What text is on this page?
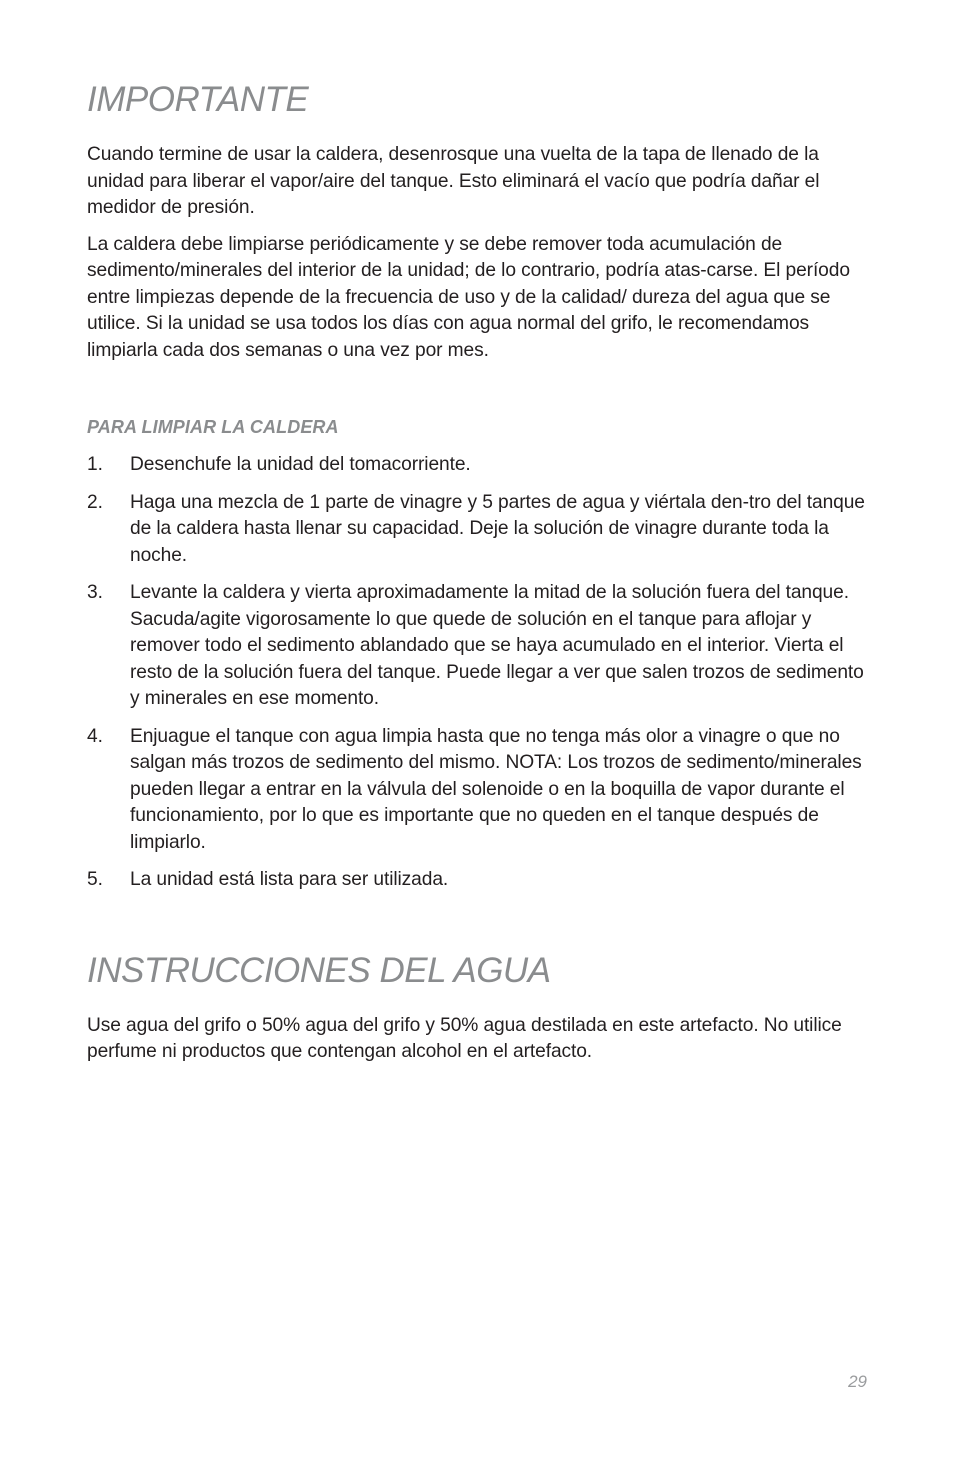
IMPORTANTE

Cuando termine de usar la caldera, desenrosque una vuelta de la tapa de llenado de la unidad para liberar el vapor/aire del tanque. Esto eliminará el vacío que podría dañar el medidor de presión.

La caldera debe limpiarse periódicamente y se debe remover toda acumulación de sedimento/minerales del interior de la unidad; de lo contrario, podría atas-carse. El período entre limpiezas depende de la frecuencia de uso y de la calidad/ dureza del agua que se utilice. Si la unidad se usa todos los días con agua normal del grifo, le recomendamos limpiarla cada dos semanas o una vez por mes.

PARA LIMPIAR LA CALDERA
1.	Desenchufe la unidad del tomacorriente.
2.	Haga una mezcla de 1 parte de vinagre y 5 partes de agua y viértala den-tro del tanque de la caldera hasta llenar su capacidad. Deje la solución de vinagre durante toda la noche.
3.	Levante la caldera y vierta aproximadamente la mitad de la solución fuera del tanque. Sacuda/agite vigorosamente lo que quede de solución en el tanque para aflojar y remover todo el sedimento ablandado que se haya acumulado en el interior. Vierta el resto de la solución fuera del tanque. Puede llegar a ver que salen trozos de sedimento y minerales en ese momento.
4.	Enjuague el tanque con agua limpia hasta que no tenga más olor a vinagre o que no salgan más trozos de sedimento del mismo. NOTA: Los trozos de sedimento/minerales pueden llegar a entrar en la válvula del solenoide o en la boquilla de vapor durante el funcionamiento, por lo que es importante que no queden en el tanque después de limpiarlo.
5.	La unidad está lista para ser utilizada.
INSTRUCCIONES DEL AGUA

Use agua del grifo o 50% agua del grifo y 50% agua destilada en este artefacto. No utilice perfume ni productos que contengan alcohol en el artefacto.

29
